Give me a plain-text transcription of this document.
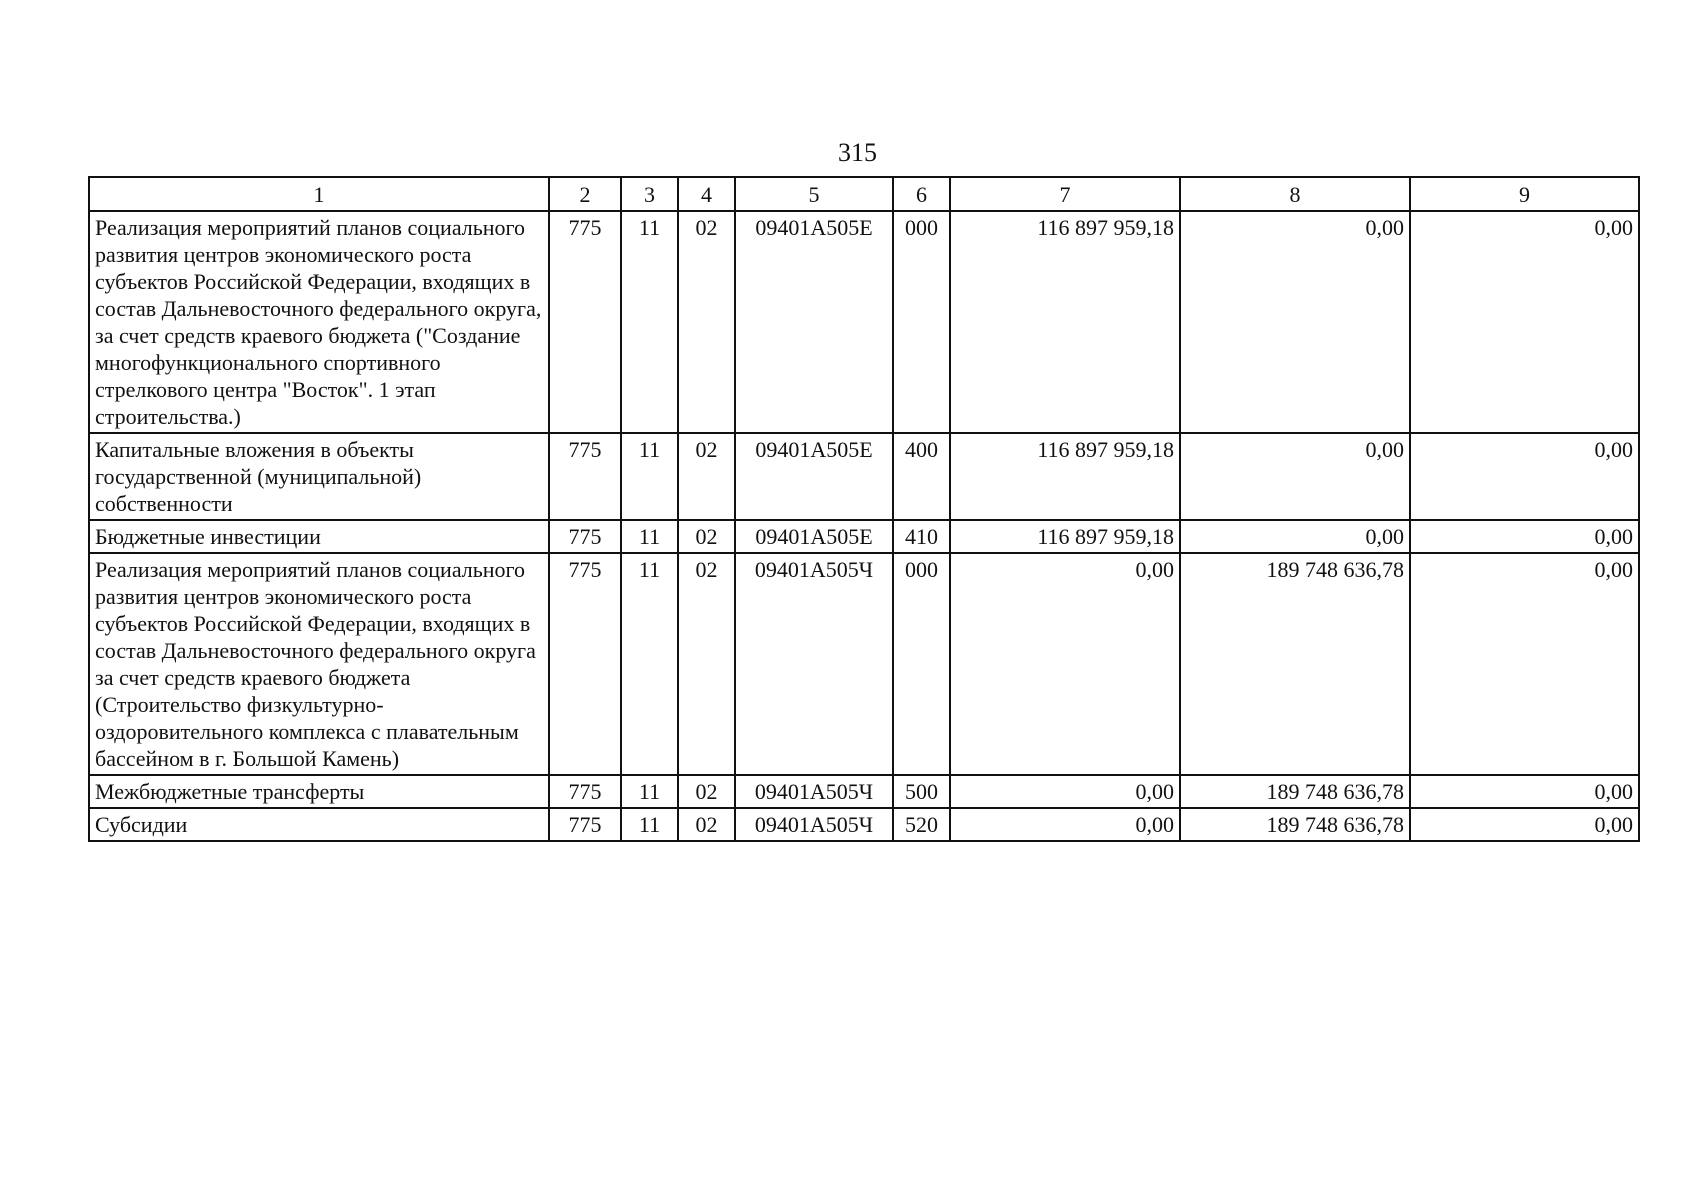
315
1	2	3	4	5	6	7	8	9
Реализация мероприятий планов социального развития центров экономического роста субъектов Российской Федерации, входящих в состав Дальневосточного федерального округа, за счет средств краевого бюджета ("Создание многофункционального спортивного стрелкового центра "Восток". 1 этап строительства.)	775	11	02	09401A505E	000	116 897 959,18	0,00	0,00
Капитальные вложения в объекты государственной (муниципальной) собственности	775	11	02	09401A505E	400	116 897 959,18	0,00	0,00
Бюджетные инвестиции	775	11	02	09401A505E	410	116 897 959,18	0,00	0,00
Реализация мероприятий планов социального развития центров экономического роста субъектов Российской Федерации, входящих в состав Дальневосточного федерального округа за счет средств краевого бюджета (Строительство физкультурно-оздоровительного комплекса с плавательным бассейном в г. Большой Камень)	775	11	02	09401A505Ч	000	0,00	189 748 636,78	0,00
Межбюджетные трансферты	775	11	02	09401A505Ч	500	0,00	189 748 636,78	0,00
Субсидии	775	11	02	09401A505Ч	520	0,00	189 748 636,78	0,00
